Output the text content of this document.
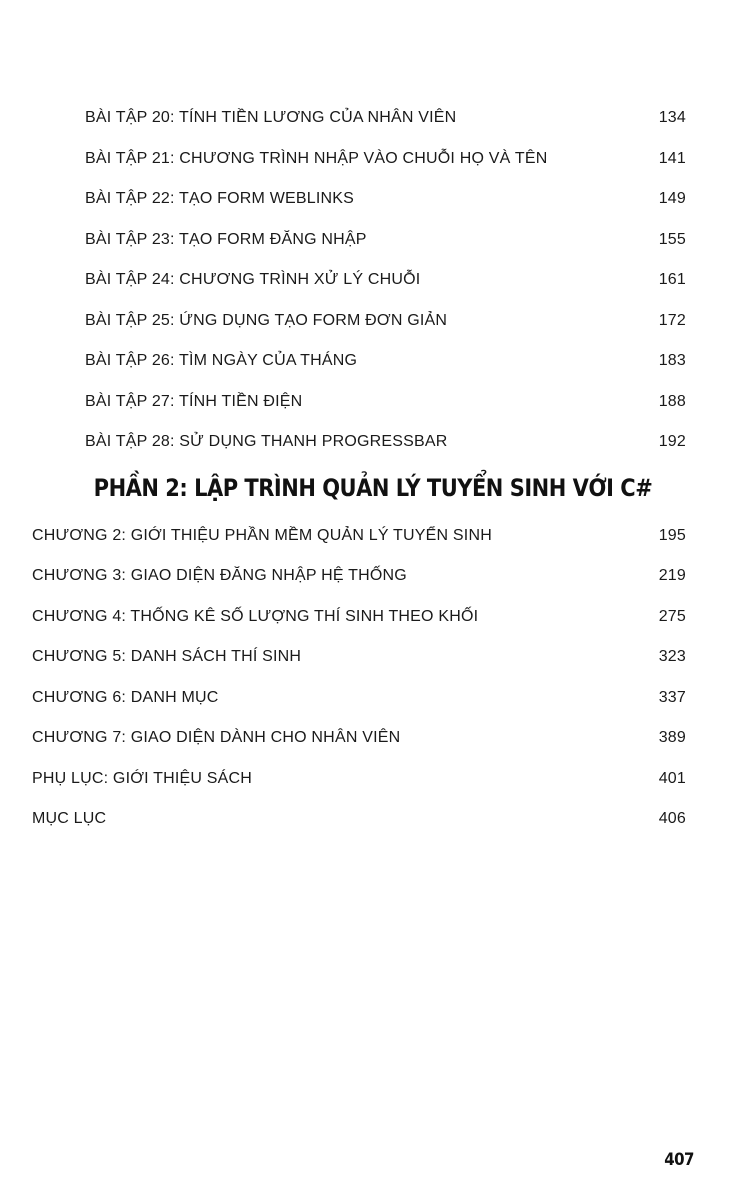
BÀI TẬP 20: TÍNH TIỀN LƯƠNG CỦA NHÂN VIÊN	134
BÀI TẬP 21: CHƯƠNG TRÌNH NHẬP VÀO CHUỖI HỌ VÀ TÊN	141
BÀI TẬP 22: TẠO FORM WEBLINKS	149
BÀI TẬP 23: TẠO FORM ĐĂNG NHẬP	155
BÀI TẬP 24: CHƯƠNG TRÌNH XỬ LÝ CHUỖI	161
BÀI TẬP 25: ỨNG DỤNG TẠO FORM ĐƠN GIẢN	172
BÀI TẬP 26: TÌM NGÀY CỦA THÁNG	183
BÀI TẬP 27: TÍNH TIỀN ĐIỆN	188
BÀI TẬP 28: SỬ DỤNG THANH PROGRESSBAR	192
PHẦN 2: LẬP TRÌNH QUẢN LÝ TUYỂN SINH VỚI C#
CHƯƠNG 2: GIỚI THIỆU PHẦN MỀM QUẢN LÝ TUYỂN SINH	195
CHƯƠNG 3: GIAO DIỆN ĐĂNG NHẬP HỆ THỐNG	219
CHƯƠNG 4: THỐNG KÊ SỐ LƯỢNG THÍ SINH THEO KHỐI	275
CHƯƠNG 5: DANH SÁCH THÍ SINH	323
CHƯƠNG 6: DANH MỤC	337
CHƯƠNG 7: GIAO DIỆN DÀNH CHO NHÂN VIÊN	389
PHỤ LỤC: GIỚI THIỆU SÁCH	401
MỤC LỤC	406
407
